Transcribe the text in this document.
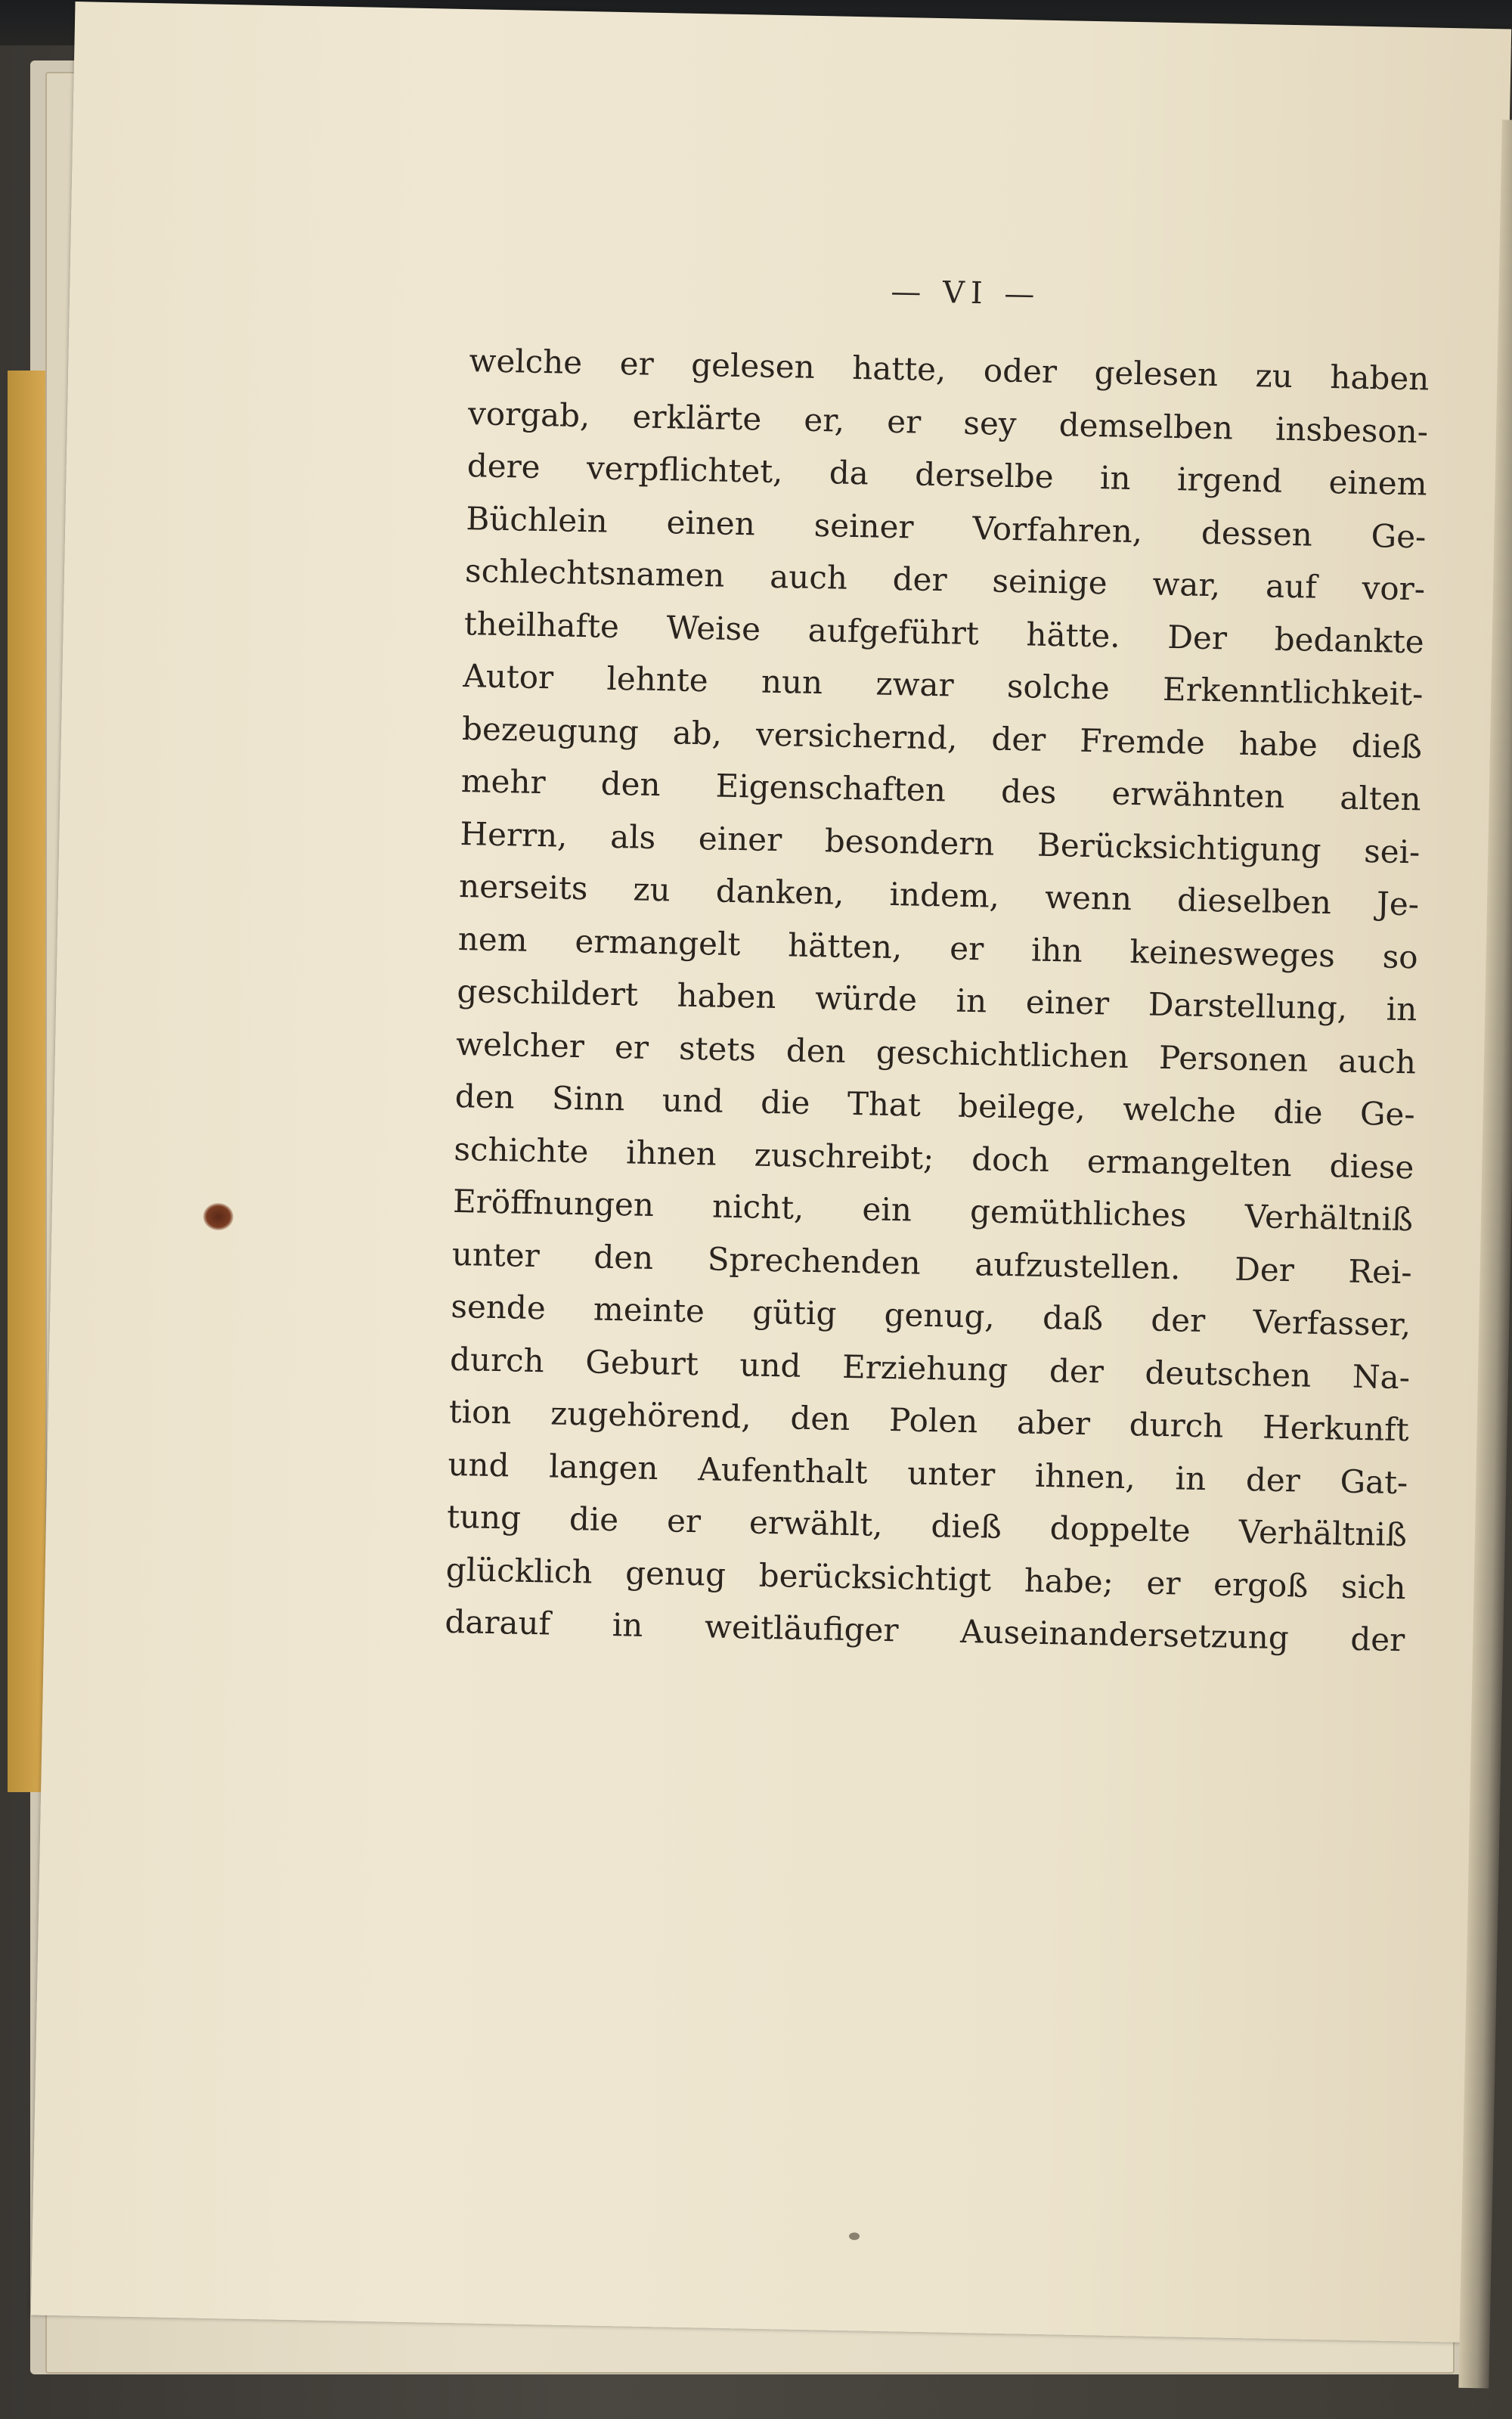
— VI —
welche er gelesen hatte, oder gelesen zu haben
vorgab, erklärte er, er sey demselben insbeson-
dere verpflichtet, da derselbe in irgend einem
Büchlein einen seiner Vorfahren, dessen Ge-
schlechtsnamen auch der seinige war, auf vor-
theilhafte Weise aufgeführt hätte. Der bedankte
Autor lehnte nun zwar solche Erkenntlichkeit-
bezeugung ab, versichernd, der Fremde habe dieß
mehr den Eigenschaften des erwähnten alten
Herrn, als einer besondern Berücksichtigung sei-
nerseits zu danken, indem, wenn dieselben Je-
nem ermangelt hätten, er ihn keinesweges so
geschildert haben würde in einer Darstellung, in
welcher er stets den geschichtlichen Personen auch
den Sinn und die That beilege, welche die Ge-
schichte ihnen zuschreibt; doch ermangelten diese
Eröffnungen nicht, ein gemüthliches Verhältniß
unter den Sprechenden aufzustellen. Der Rei-
sende meinte gütig genug, daß der Verfasser,
durch Geburt und Erziehung der deutschen Na-
tion zugehörend, den Polen aber durch Herkunft
und langen Aufenthalt unter ihnen, in der Gat-
tung die er erwählt, dieß doppelte Verhältniß
glücklich genug berücksichtigt habe; er ergoß sich
darauf in weitläufiger Auseinandersetzung der
